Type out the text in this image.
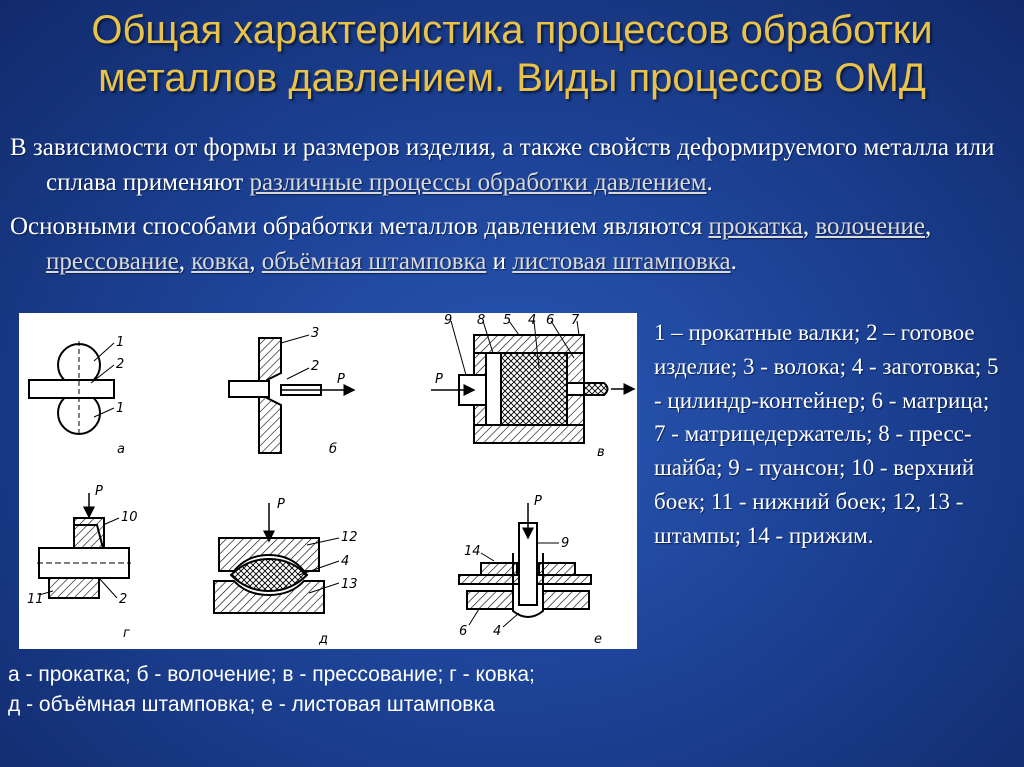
Общая характеристика процессов обработки
металлов давлением. Виды процессов ОМД
В зависимости от формы и размеров изделия, а также свойств деформируемого металла или сплава применяют различные процессы обработки давлением.
Основными способами обработки металлов давлением являются прокатка, волочение, прессование, ковка, объёмная штамповка и листовая штамповка.
1
2
1
а
3
2
P
б
9 8 5 4 6 7
P
в
10
11	2
P
г
12
4
13
P
д
14
9
6 4
P
е
1 – прокатные валки; 2 – готовое изделие; 3 - волока; 4 - заготовка; 5 - цилиндр-контейнер; 6 - матрица; 7 - матрицедержатель; 8 - пресс-шайба; 9 - пуансон; 10 - верхний боек; 11 - нижний боек; 12, 13 - штампы; 14 - прижим.
а - прокатка; б - волочение; в - прессование; г - ковка;
д - объёмная штамповка; е - листовая штамповка
